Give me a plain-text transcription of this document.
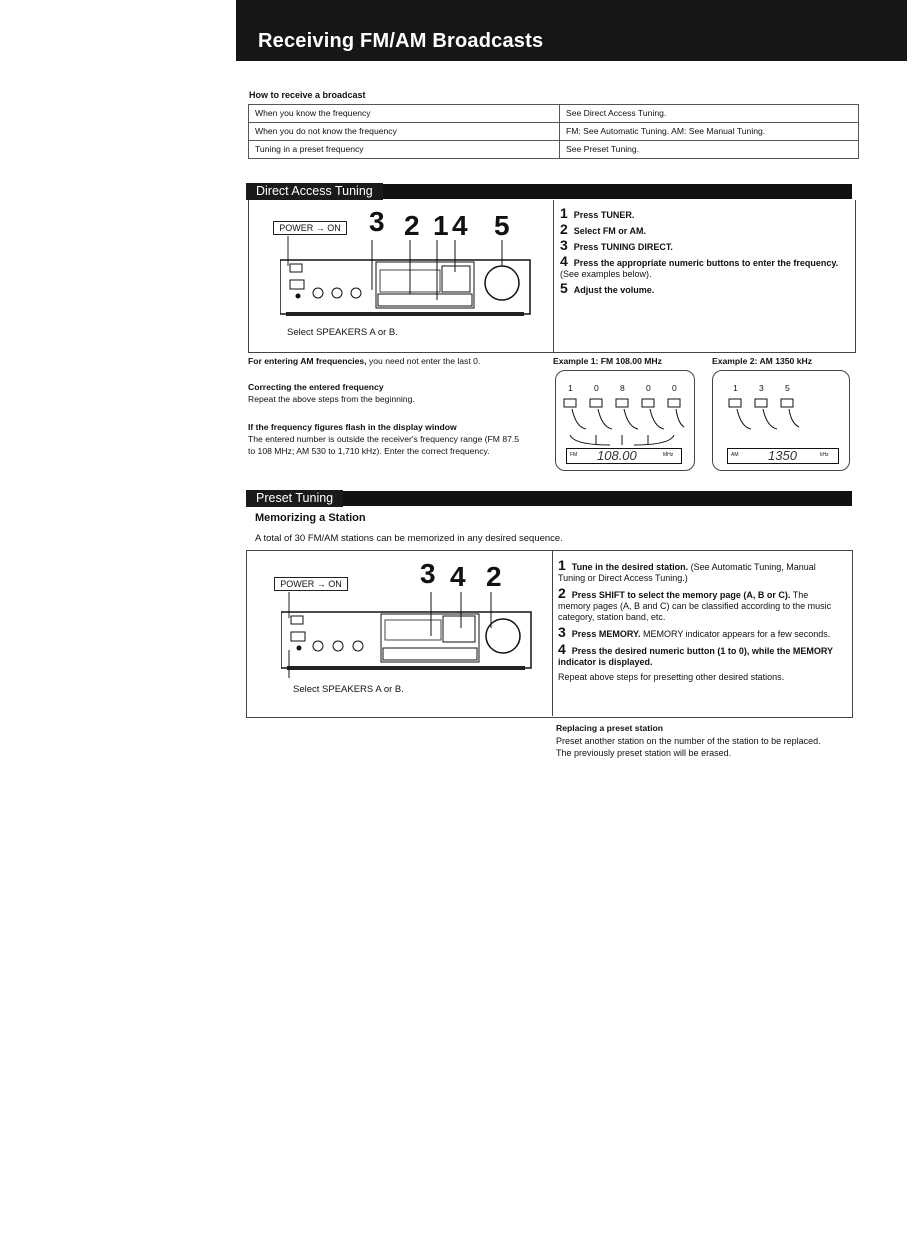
Receiving FM/AM Broadcasts
How to receive a broadcast
When you know the frequency	See Direct Access Tuning.
When you do not know the frequency	FM: See Automatic Tuning. AM: See Manual Tuning.
Tuning in a preset frequency	See Preset Tuning.
Direct Access Tuning
POWER → ON 3 2 1 4 5
Select SPEAKERS A or B.
1 Press TUNER.
2 Select FM or AM.
3 Press TUNING DIRECT.
4 Press the appropriate numeric buttons to enter the frequency. (See examples below).
5 Adjust the volume.
For entering AM frequencies, you need not enter the last 0.
Correcting the entered frequency
Repeat the above steps from the beginning.
If the frequency figures flash in the display window
The entered number is outside the receiver's frequency range (FM 87.5
to 108 MHz; AM 530 to 1,710 kHz). Enter the correct frequency.
Example 1: FM 108.00 MHz	Example 2: AM 1350 kHz
1 0 8 0 0
FM 108.00	MHz
1 3 5
AM 1350	kHz
Preset Tuning
Memorizing a Station
A total of 30 FM/AM stations can be memorized in any desired sequence.
POWER → ON	3 4 2
Select SPEAKERS A or B.
1 Tune in the desired station. (See Automatic Tuning, Manual Tuning or Direct Access Tuning.)
2 Press SHIFT to select the memory page (A, B or C). The memory pages (A, B and C) can be classified according to the music category, station band, etc.
3 Press MEMORY. MEMORY indicator appears for a few seconds.
4 Press the desired numeric button (1 to 0), while the MEMORY indicator is displayed.
Repeat above steps for presetting other desired stations.
Replacing a preset station
Preset another station on the number of the station to be replaced. The previously preset station will be erased.
